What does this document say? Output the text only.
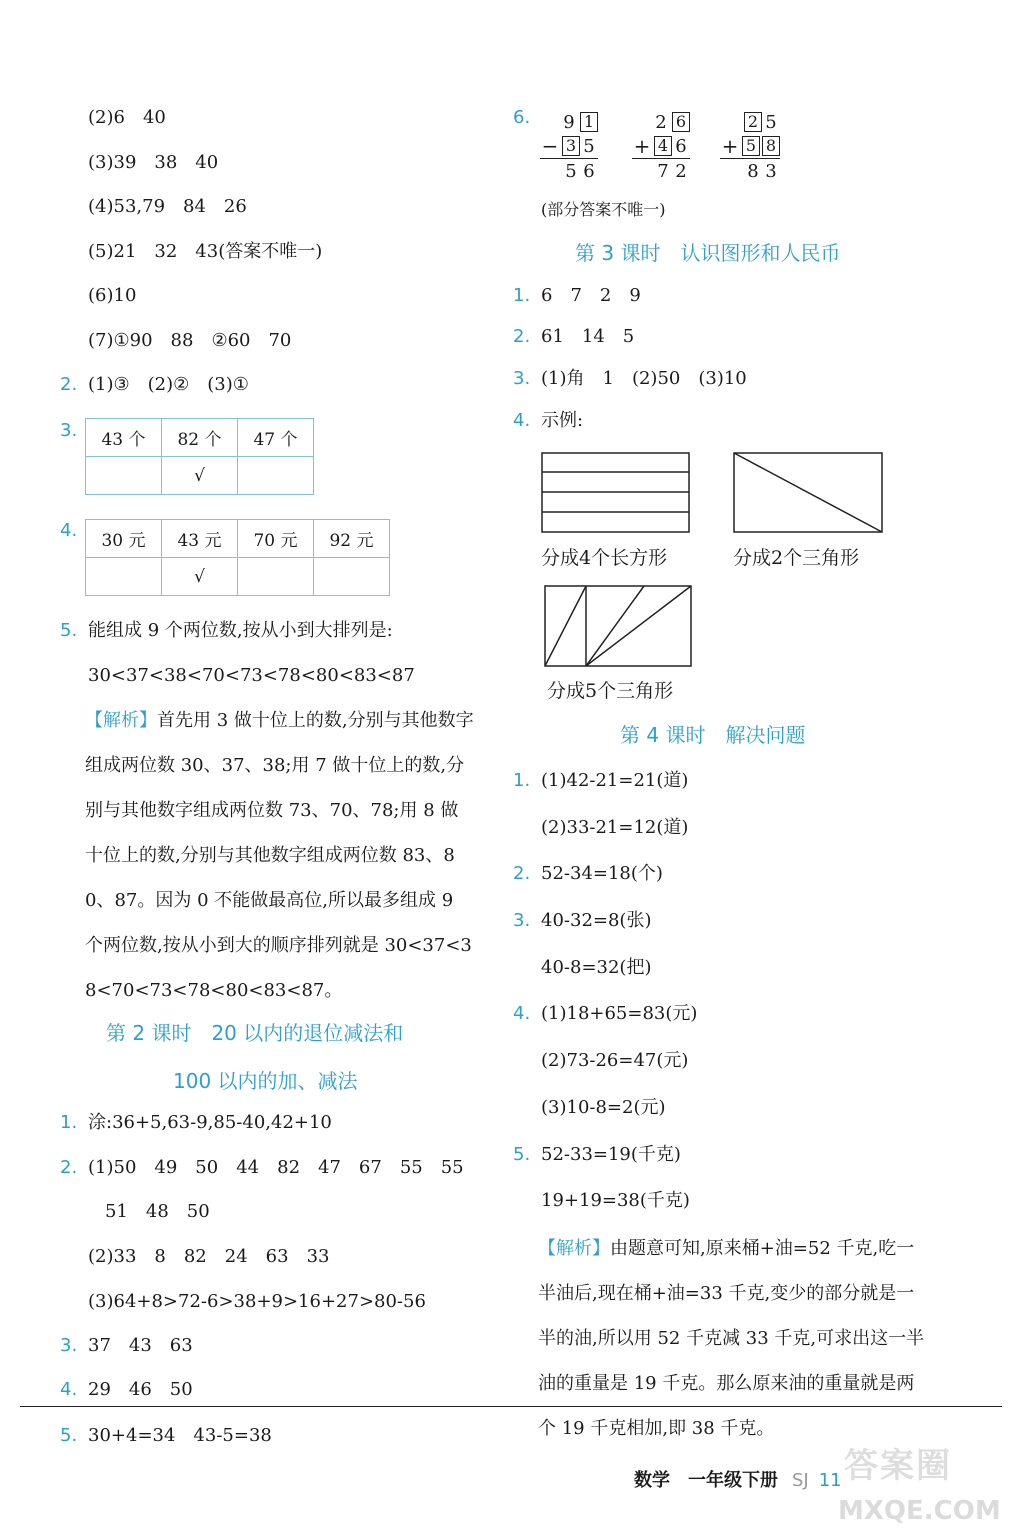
(2)6　40
(3)39　38　40
(4)53,79　84　26
(5)21　32　43(答案不唯一)
(6)10
(7)①90　88　②60　70
2. (1)③　(2)②　(3)①
3. 43 个	82 个	47 个
	√	
4. 30 元	43 元	70 元	92 元
	√		
5. 能组成 9 个两位数,按从小到大排列是:
30<37<38<70<73<78<80<83<87
【解析】首先用 3 做十位上的数,分别与其他数字组成两位数 30、37、38;用 7 做十位上的数,分别与其他数字组成两位数 73、70、78;用 8 做十位上的数,分别与其他数字组成两位数 83、80、87。因为 0 不能做最高位,所以最多组成 9 个两位数,按从小到大的顺序排列就是 30<37<38<70<73<78<80<83<87。
第 2 课时　20 以内的退位减法和
100 以内的加、减法
1. 涂:36+5,63-9,85-40,42+10
2. (1)50　49　50　44　82　47　67　55　55
51　48　50
(2)33　8　82　24　63　33
(3)64+8>72-6>38+9>16+27>80-56
3. 37　43　63
4. 29　46　50
5. 30+4=34　43-5=38
6. 9 1
− 3 5
5 6
2 6
+ 4 6
7 2
2 5
+ 5 8
8 3
(部分答案不唯一)
第 3 课时　认识图形和人民币
1. 6　7　2　9
2. 61　14　5
3. (1)角　1　(2)50　(3)10
4. 示例:
分成4个长方形	分成2个三角形
分成5个三角形
第 4 课时　解决问题
1. (1)42-21=21(道)
(2)33-21=12(道)
2. 52-34=18(个)
3. 40-32=8(张)
40-8=32(把)
4. (1)18+65=83(元)
(2)73-26=47(元)
(3)10-8=2(元)
5. 52-33=19(千克)
19+19=38(千克)
【解析】由题意可知,原来桶+油=52 千克,吃一半油后,现在桶+油=33 千克,变少的部分就是一半的油,所以用 52 千克减 33 千克,可求出这一半油的重量是 19 千克。那么原来油的重量就是两个 19 千克相加,即 38 千克。
数学　一年级下册 SJ 11 答案圈
MXQE.COM
